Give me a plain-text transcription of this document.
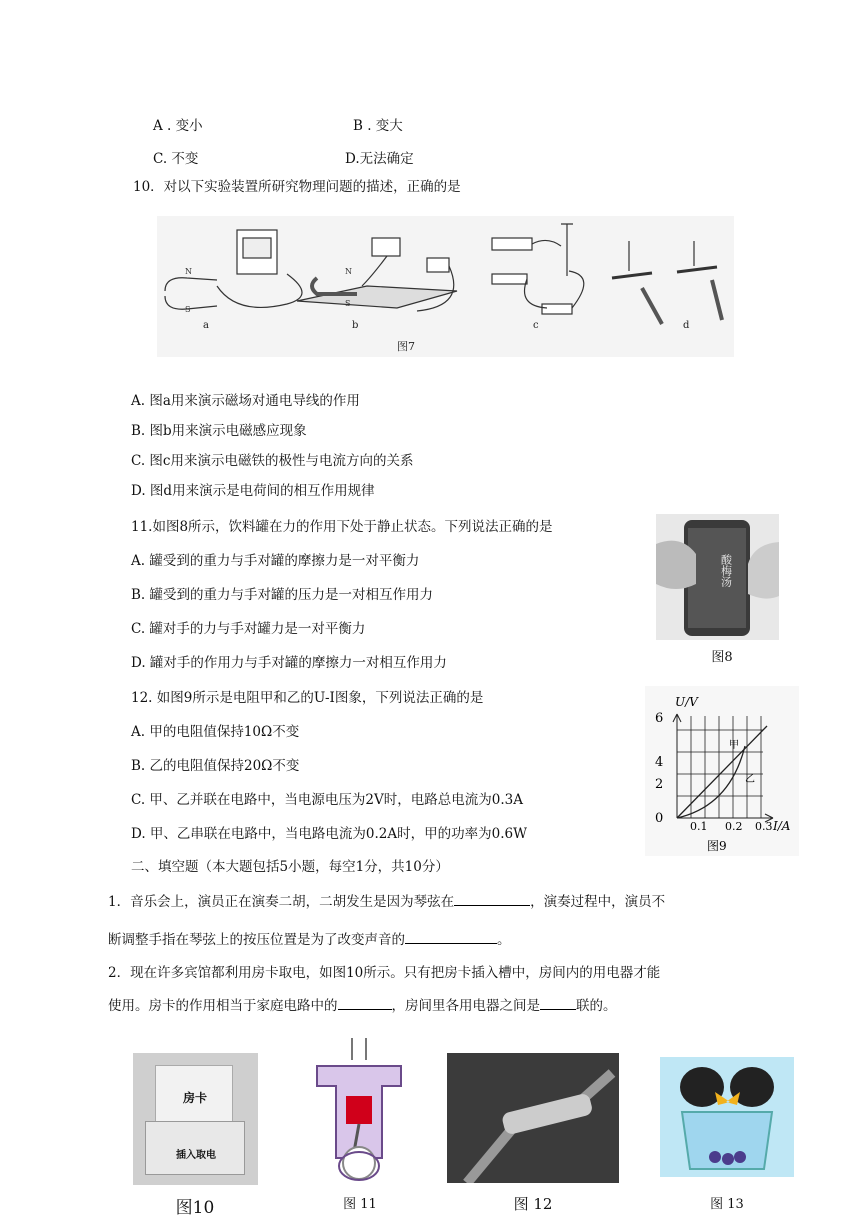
A . 变小	B . 变大
C. 不变	D.无法确定
10．对以下实验装置所研究物理问题的描述，正确的是
N
S
N
S
a	b	c	d
图7
A. 图a用来演示磁场对通电导线的作用
B. 图b用来演示电磁感应现象
C. 图c用来演示电磁铁的极性与电流方向的关系
D. 图d用来演示是电荷间的相互作用规律
11.如图8所示，饮料罐在力的作用下处于静止状态。下列说法正确的是
A. 罐受到的重力与手对罐的摩擦力是一对平衡力
B. 罐受到的重力与手对罐的压力是一对相互作用力
C. 罐对手的力与手对罐力是一对平衡力
D. 罐对手的作用力与手对罐的摩擦力一对相互作用力
酸梅汤
图8
12. 如图9所示是电阻甲和乙的U-I图象，下列说法正确的是
A. 甲的电阻值保持10Ω不变
B. 乙的电阻值保持20Ω不变
C. 甲、乙并联在电路中，当电源电压为2V时，电路总电流为0.3A
D. 甲、乙串联在电路中，当电路电流为0.2A时，甲的功率为0.6W
U/V
6
4
2
0
0.1 0.2 0.3 I/A
甲
乙
图9
二、填空题（本大题包括5小题，每空1分，共10分）
1．音乐会上，演员正在演奏二胡，二胡发生是因为琴弦在	，演奏过程中，演员不
断调整手指在琴弦上的按压位置是为了改变声音的	。
2．现在许多宾馆都利用房卡取电，如图10所示。只有把房卡插入槽中，房间内的用电器才能
使用。房卡的作用相当于家庭电路中的	，房间里各用电器之间是	联的。
房卡
插入取电
图10	图 11	图 12	图 13
